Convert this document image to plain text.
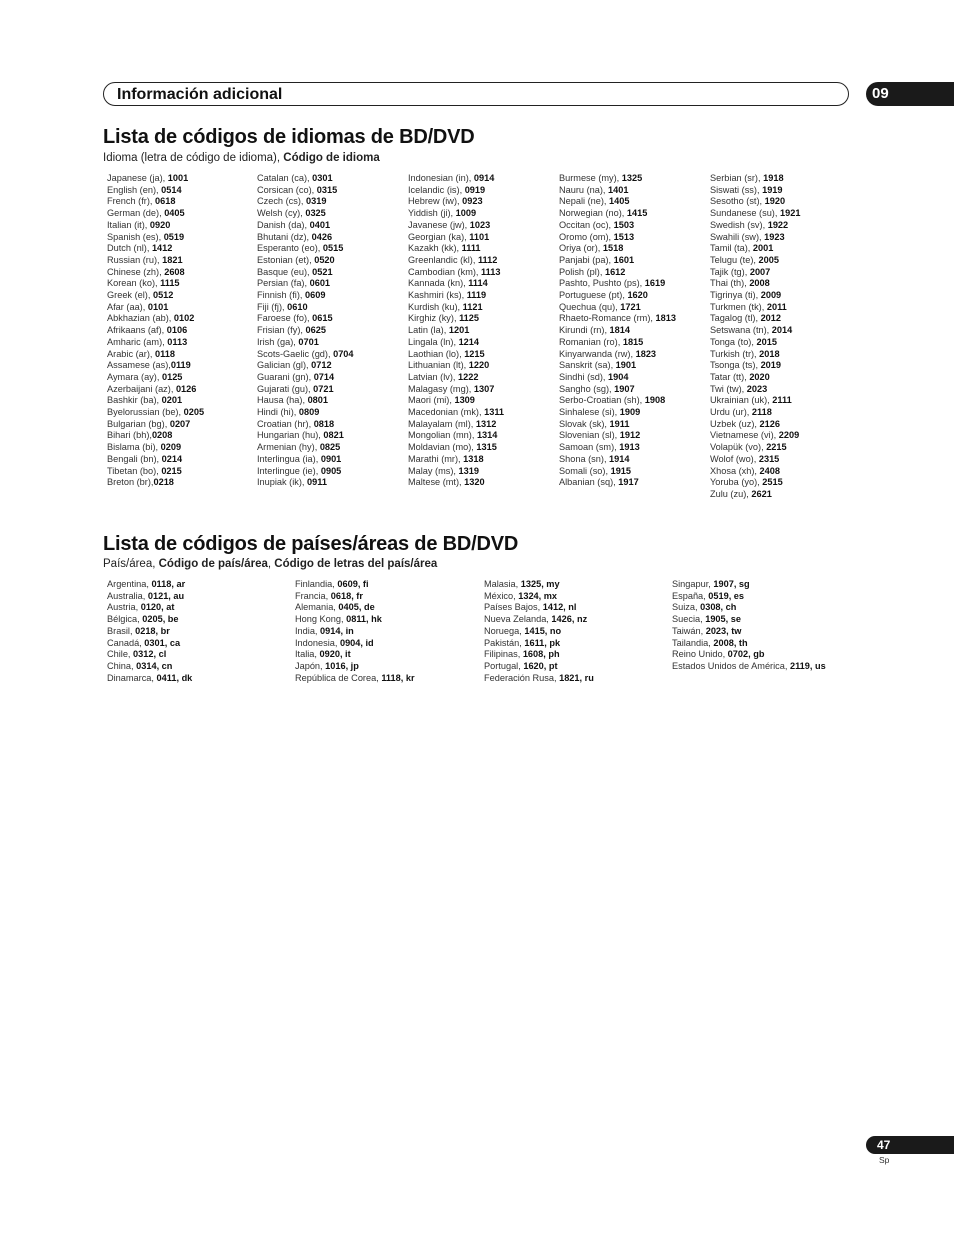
Información adicional	09
Lista de códigos de idiomas de BD/DVD
Idioma (letra de código de idioma), Código de idioma
Japanese (ja), 1001
English (en), 0514
French (fr), 0618
German (de), 0405
Italian (it), 0920
Spanish (es), 0519
Dutch (nl), 1412
Russian (ru), 1821
Chinese (zh), 2608
Korean (ko), 1115
Greek (el), 0512
Afar (aa), 0101
Abkhazian (ab), 0102
Afrikaans (af), 0106
Amharic (am), 0113
Arabic (ar), 0118
Assamese (as),0119
Aymara (ay), 0125
Azerbaijani (az), 0126
Bashkir (ba), 0201
Byelorussian (be), 0205
Bulgarian (bg), 0207
Bihari (bh),0208
Bislama (bi), 0209
Bengali (bn), 0214
Tibetan (bo), 0215
Breton (br),0218
Catalan (ca), 0301
Corsican (co), 0315
Czech (cs), 0319
Welsh (cy), 0325
Danish (da), 0401
Bhutani (dz), 0426
Esperanto (eo), 0515
Estonian (et), 0520
Basque (eu), 0521
Persian (fa), 0601
Finnish (fi), 0609
Fiji (fj), 0610
Faroese (fo), 0615
Frisian (fy), 0625
Irish (ga), 0701
Scots-Gaelic (gd), 0704
Galician (gl), 0712
Guarani (gn), 0714
Gujarati (gu), 0721
Hausa (ha), 0801
Hindi (hi), 0809
Croatian (hr), 0818
Hungarian (hu), 0821
Armenian (hy), 0825
Interlingua (ia), 0901
Interlingue (ie), 0905
Inupiak (ik), 0911
Indonesian (in), 0914
Icelandic (is), 0919
Hebrew (iw), 0923
Yiddish (ji), 1009
Javanese (jw), 1023
Georgian (ka), 1101
Kazakh (kk), 1111
Greenlandic (kl), 1112
Cambodian (km), 1113
Kannada (kn), 1114
Kashmiri (ks), 1119
Kurdish (ku), 1121
Kirghiz (ky), 1125
Latin (la), 1201
Lingala (ln), 1214
Laothian (lo), 1215
Lithuanian (lt), 1220
Latvian (lv), 1222
Malagasy (mg), 1307
Maori (mi), 1309
Macedonian (mk), 1311
Malayalam (ml), 1312
Mongolian (mn), 1314
Moldavian (mo), 1315
Marathi (mr), 1318
Malay (ms), 1319
Maltese (mt), 1320
Burmese (my), 1325
Nauru (na), 1401
Nepali (ne), 1405
Norwegian (no), 1415
Occitan (oc), 1503
Oromo (om), 1513
Oriya (or), 1518
Panjabi (pa), 1601
Polish (pl), 1612
Pashto, Pushto (ps), 1619
Portuguese (pt), 1620
Quechua (qu), 1721
Rhaeto-Romance (rm), 1813
Kirundi (rn), 1814
Romanian (ro), 1815
Kinyarwanda (rw), 1823
Sanskrit (sa), 1901
Sindhi (sd), 1904
Sangho (sg), 1907
Serbo-Croatian (sh), 1908
Sinhalese (si), 1909
Slovak (sk), 1911
Slovenian (sl), 1912
Samoan (sm), 1913
Shona (sn), 1914
Somali (so), 1915
Albanian (sq), 1917
Serbian (sr), 1918
Siswati (ss), 1919
Sesotho (st), 1920
Sundanese (su), 1921
Swedish (sv), 1922
Swahili (sw), 1923
Tamil (ta), 2001
Telugu (te), 2005
Tajik (tg), 2007
Thai (th), 2008
Tigrinya (ti), 2009
Turkmen (tk), 2011
Tagalog (tl), 2012
Setswana (tn), 2014
Tonga (to), 2015
Turkish (tr), 2018
Tsonga (ts), 2019
Tatar (tt), 2020
Twi (tw), 2023
Ukrainian (uk), 2111
Urdu (ur), 2118
Uzbek (uz), 2126
Vietnamese (vi), 2209
Volapük (vo), 2215
Wolof (wo), 2315
Xhosa (xh), 2408
Yoruba (yo), 2515
Zulu (zu), 2621
Lista de códigos de países/áreas de BD/DVD
País/área, Código de país/área, Código de letras del país/área
Argentina, 0118, ar
Australia, 0121, au
Austria, 0120, at
Bélgica, 0205, be
Brasil, 0218, br
Canadá, 0301, ca
Chile, 0312, cl
China, 0314, cn
Dinamarca, 0411, dk
Finlandia, 0609, fi
Francia, 0618, fr
Alemania, 0405, de
Hong Kong, 0811, hk
India, 0914, in
Indonesia, 0904, id
Italia, 0920, it
Japón, 1016, jp
República de Corea, 1118, kr
Malasia, 1325, my
México, 1324, mx
Países Bajos, 1412, nl
Nueva Zelanda, 1426, nz
Noruega, 1415, no
Pakistán, 1611, pk
Filipinas, 1608, ph
Portugal, 1620, pt
Federación Rusa, 1821, ru
Singapur, 1907, sg
España, 0519, es
Suiza, 0308, ch
Suecia, 1905, se
Taiwán, 2023, tw
Tailandia, 2008, th
Reino Unido, 0702, gb
Estados Unidos de América, 2119, us
47
Sp
